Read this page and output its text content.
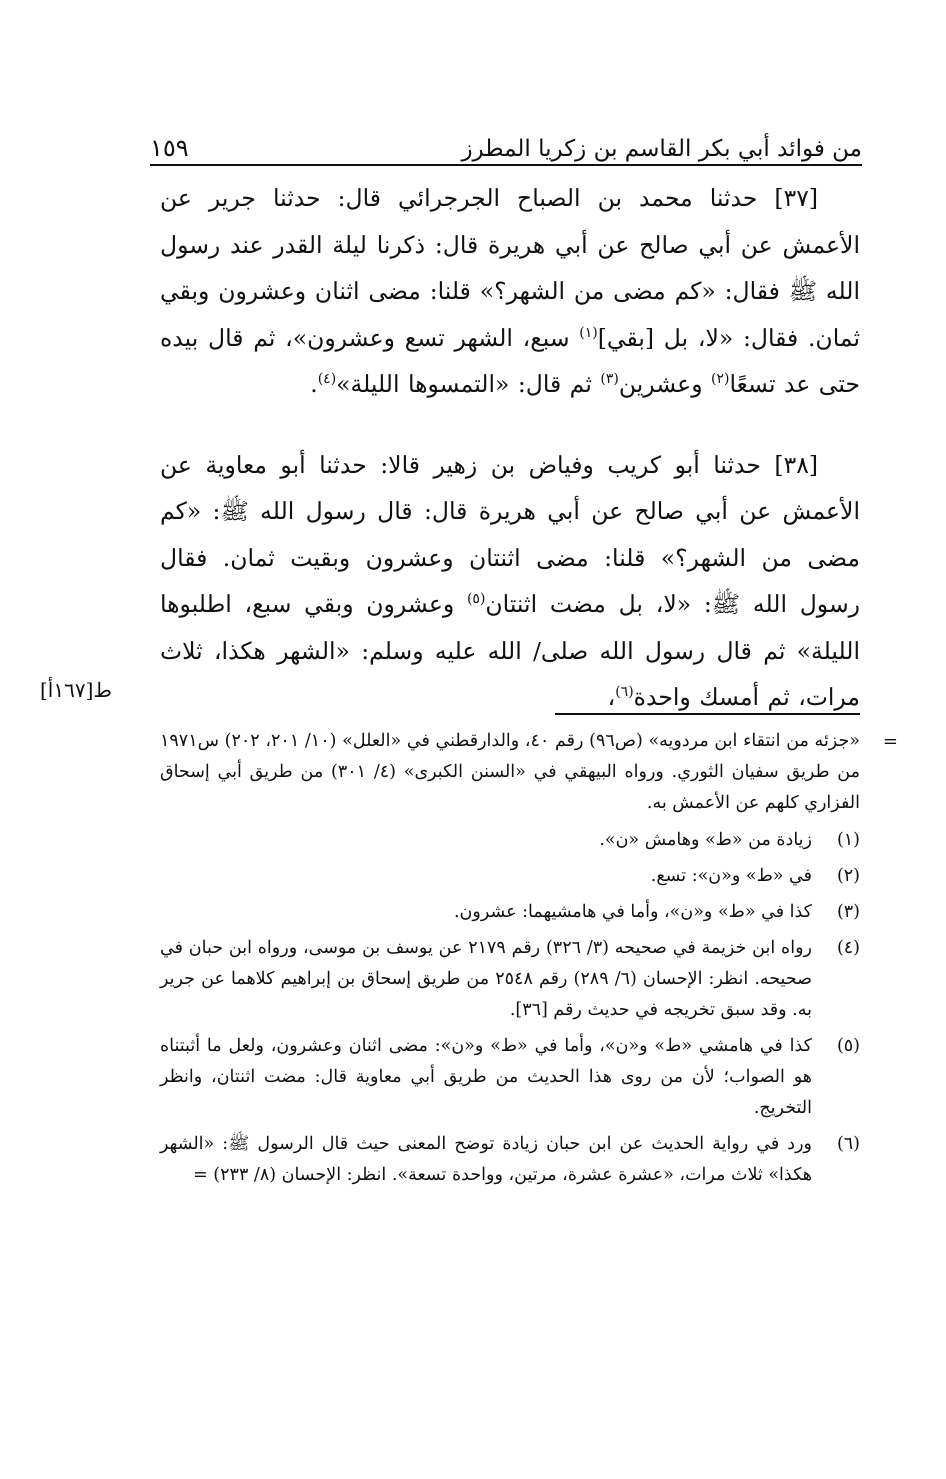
١٥٩	من فوائد أبي بكر القاسم بن زكريا المطرز

[٣٧] حدثنا محمد بن الصباح الجرجرائي قال: حدثنا جرير عن الأعمش عن أبي صالح عن أبي هريرة قال: ذكرنا ليلة القدر عند رسول الله ﷺ فقال: «كم مضى من الشهر؟» قلنا: مضى اثنان وعشرون وبقي ثمان. فقال: «لا، بل [بقي]$^{(١)}$ سبع، الشهر تسع وعشرون»، ثم قال بيده حتى عد تسعًا$^{(٢)}$ وعشرين$^{(٣)}$ ثم قال: «التمسوها الليلة»$^{(٤)}$.

[٣٨] حدثنا أبو كريب وفياض بن زهير قالا: حدثنا أبو معاوية عن الأعمش عن أبي صالح عن أبي هريرة قال: قال رسول الله ﷺ: «كم مضى من الشهر؟» قلنا: مضى اثنتان وعشرون وبقيت ثمان. فقال رسول الله ﷺ: «لا، بل مضت اثنتان$^{(٥)}$ وعشرون وبقي سبع، اطلبوها الليلة» ثم قال رسول الله صلى/ الله عليه وسلم: «الشهر هكذا، ثلاث مرات، ثم أمسك واحدة$^{(٦)}$،

ط[١٦٧أ]

=
«جزئه من انتقاء ابن مردويه» (ص٩٦) رقم ٤٠، والدارقطني في «العلل» (١٠/ ٢٠١، ٢٠٢) س١٩٧١ من طريق سفيان الثوري. ورواه البيهقي في «السنن الكبرى» (٤/ ٣٠١) من طريق أبي إسحاق الفزاري كلهم عن الأعمش به.

(١)
زيادة من «ط» وهامش «ن».
(٢)
في «ط» و«ن»: تسع.
(٣)
كذا في «ط» و«ن»، وأما في هامشيهما: عشرون.
(٤)
رواه ابن خزيمة في صحيحه (٣/ ٣٢٦) رقم ٢١٧٩ عن يوسف بن موسى، ورواه ابن حبان في صحيحه. انظر: الإحسان (٦/ ٢٨٩) رقم ٢٥٤٨ من طريق إسحاق بن إبراهيم كلاهما عن جرير به. وقد سبق تخريجه في حديث رقم [٣٦].
(٥)
كذا في هامشي «ط» و«ن»، وأما في «ط» و«ن»: مضى اثنان وعشرون، ولعل ما أثبتناه هو الصواب؛ لأن من روى هذا الحديث من طريق أبي معاوية قال: مضت اثنتان، وانظر التخريج.
(٦)
ورد في رواية الحديث عن ابن حبان زيادة توضح المعنى حيث قال الرسول ﷺ: «الشهر هكذا» ثلاث مرات، «عشرة عشرة، مرتين، وواحدة تسعة». انظر: الإحسان (٨/ ٢٣٣) =
